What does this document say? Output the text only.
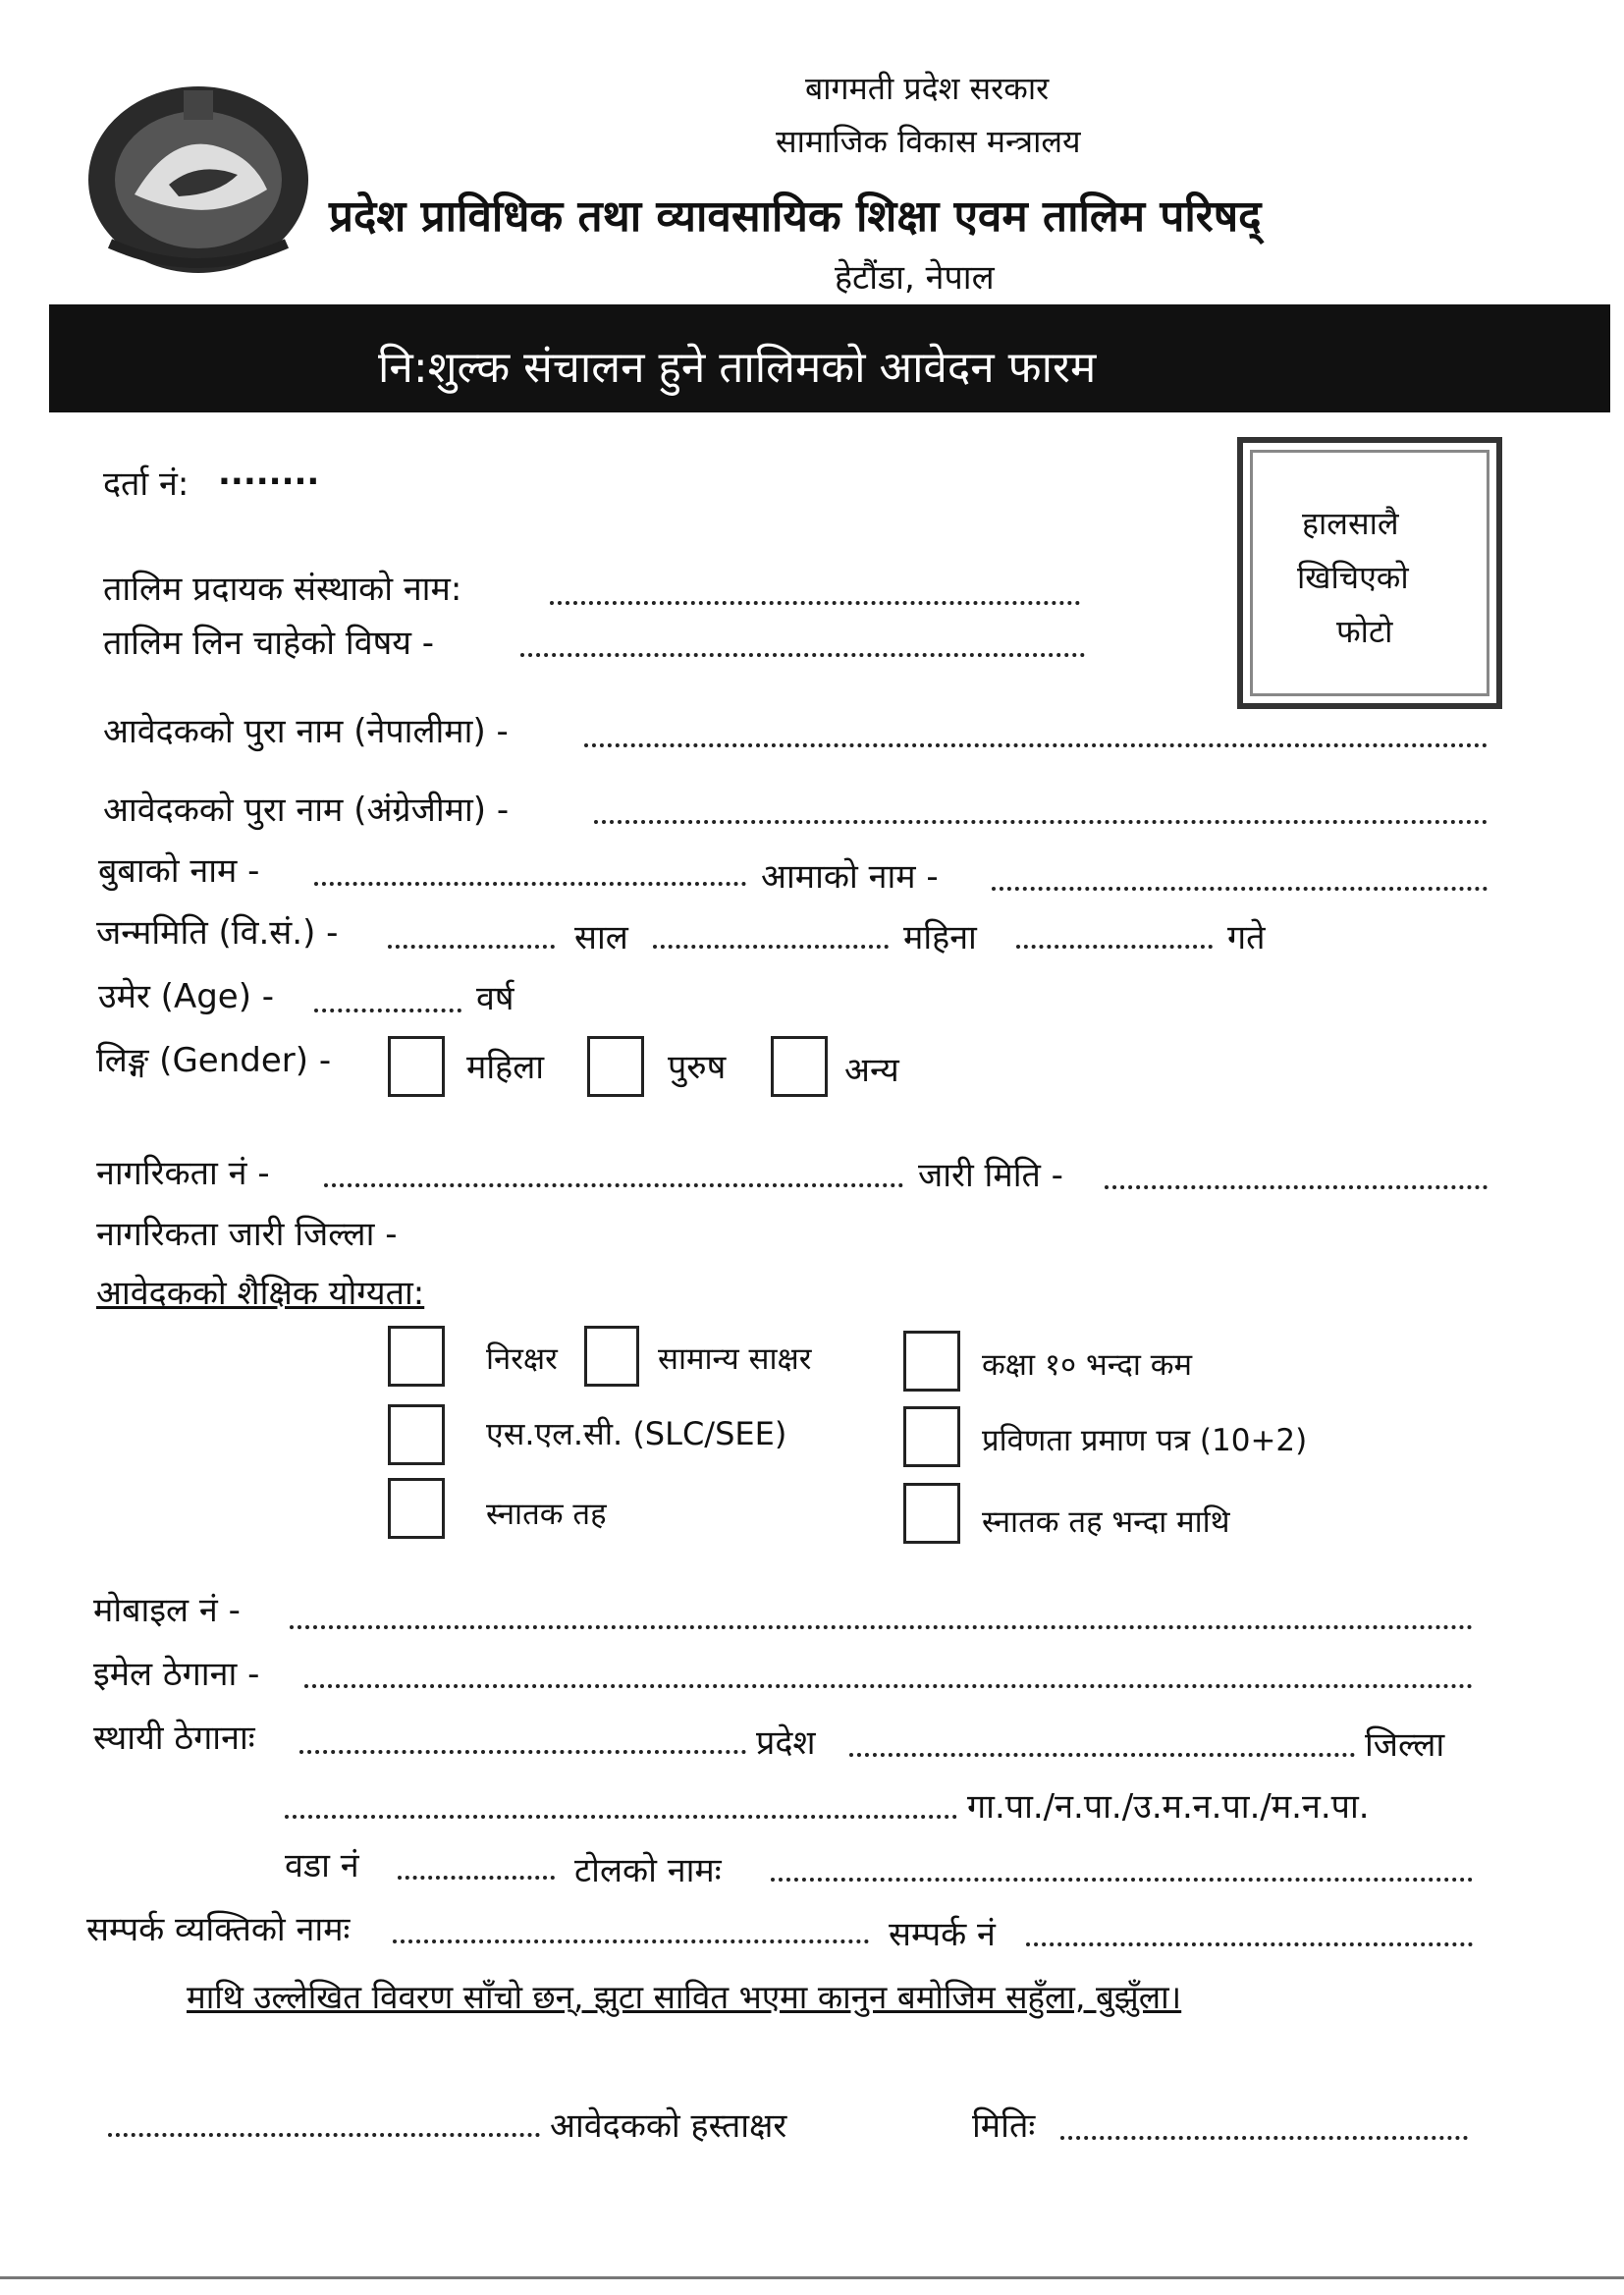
बागमती प्रदेश सरकार
सामाजिक विकास मन्त्रालय
प्रदेश प्राविधिक तथा व्यावसायिक शिक्षा एवम तालिम परिषद्
हेटौंडा, नेपाल
नि:शुल्क संचालन हुने तालिमको आवेदन फारम
हालसालै
खिचिएको
फोटो
दर्ता नं: ........
तालिम प्रदायक संस्थाको नाम:
तालिम लिन चाहेको विषय -
आवेदकको पुरा नाम (नेपालीमा) -
आवेदकको पुरा नाम (अंग्रेजीमा) -
बुबाको नाम -	आमाको नाम -
जन्ममिति (वि.सं.) -	साल	महिना	गते
उमेर (Age) -	वर्ष
लिङ्ग (Gender) -	महिला	पुरुष	अन्य
नागरिकता नं -	जारी मिति -
नागरिकता जारी जिल्ला -
आवेदकको शैक्षिक योग्यता:
निरक्षर	सामान्य साक्षर	कक्षा १० भन्दा कम
एस.एल.सी. (SLC/SEE)	प्रविणता प्रमाण पत्र (10+2)
स्नातक तह	स्नातक तह भन्दा माथि
मोबाइल नं -
इमेल ठेगाना -
स्थायी ठेगानाः	प्रदेश	जिल्ला
गा.पा./न.पा./उ.म.न.पा./म.न.पा.
वडा नं	टोलको नामः
सम्पर्क व्यक्तिको नामः	सम्पर्क नं
माथि उल्लेखित विवरण साँचो छन्, झुटा सावित भएमा कानुन बमोजिम सहुँला, बुझुँला।
आवेदकको हस्ताक्षर	मितिः
